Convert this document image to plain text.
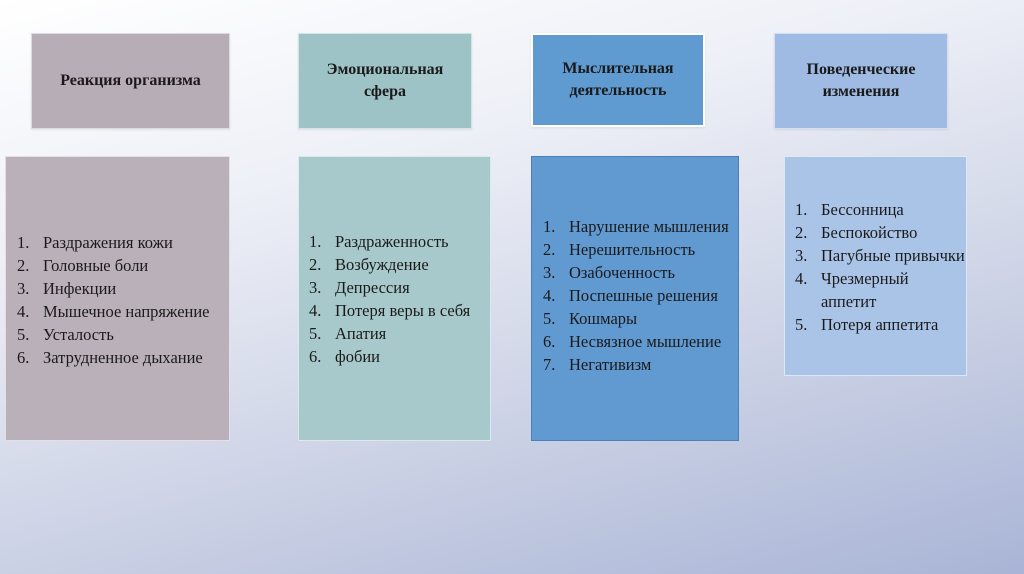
Реакция организма
Эмоциональная сфера
Мыслительная деятельность
Поведенческие изменения
1. Раздражения кожи
2. Головные боли
3. Инфекции
4. Мышечное напряжение
5. Усталость
6. Затрудненное дыхание
1. Раздраженность
2. Возбуждение
3. Депрессия
4. Потеря веры в себя
5. Апатия
6. фобии
1. Нарушение мышления
2. Нерешительность
3. Озабоченность
4. Поспешные решения
5. Кошмары
6. Несвязное мышление
7. Негативизм
1. Бессонница
2. Беспокойство
3. Пагубные привычки
4. Чрезмерный аппетит
5. Потеря аппетита
